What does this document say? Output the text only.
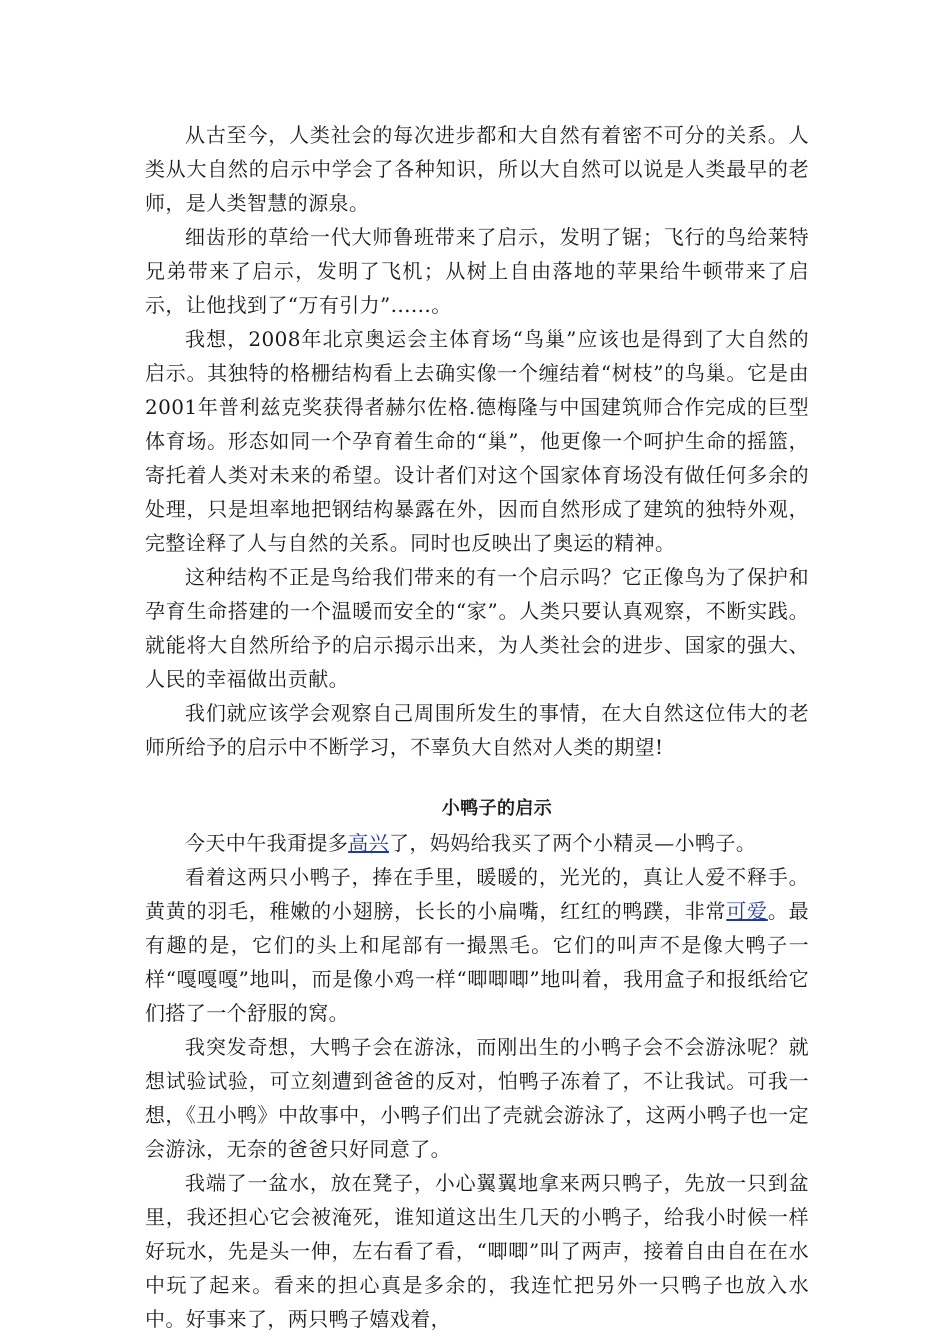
从古至今，人类社会的每次进步都和大自然有着密不可分的关系。人类从大自然的启示中学会了各种知识，所以大自然可以说是人类最早的老师，是人类智慧的源泉。

细齿形的草给一代大师鲁班带来了启示，发明了锯；飞行的鸟给莱特兄弟带来了启示，发明了飞机；从树上自由落地的苹果给牛顿带来了启示，让他找到了“万有引力”......。

我想，2008年北京奥运会主体育场“鸟巢”应该也是得到了大自然的启示。其独特的格栅结构看上去确实像一个缠结着“树枝”的鸟巢。它是由2001年普利兹克奖获得者赫尔佐格.德梅隆与中国建筑师合作完成的巨型体育场。形态如同一个孕育着生命的“巢”，他更像一个呵护生命的摇篮，寄托着人类对未来的希望。设计者们对这个国家体育场没有做任何多余的处理，只是坦率地把钢结构暴露在外，因而自然形成了建筑的独特外观，完整诠释了人与自然的关系。同时也反映出了奥运的精神。

这种结构不正是鸟给我们带来的有一个启示吗？它正像鸟为了保护和孕育生命搭建的一个温暖而安全的“家”。人类只要认真观察，不断实践。就能将大自然所给予的启示揭示出来，为人类社会的进步、国家的强大、人民的幸福做出贡献。

我们就应该学会观察自己周围所发生的事情，在大自然这位伟大的老师所给予的启示中不断学习，不辜负大自然对人类的期望!

小鸭子的启示

今天中午我甭提多高兴了，妈妈给我买了两个小精灵—小鸭子。

看着这两只小鸭子，捧在手里，暖暖的，光光的，真让人爱不释手。黄黄的羽毛，稚嫩的小翅膀，长长的小扁嘴，红红的鸭蹼，非常可爱。最有趣的是，它们的头上和尾部有一撮黑毛。它们的叫声不是像大鸭子一样“嘎嘎嘎”地叫，而是像小鸡一样“唧唧唧”地叫着，我用盒子和报纸给它们搭了一个舒服的窝。

我突发奇想，大鸭子会在游泳，而刚出生的小鸭子会不会游泳呢？就想试验试验，可立刻遭到爸爸的反对，怕鸭子冻着了，不让我试。可我一想，《丑小鸭》中故事中，小鸭子们出了壳就会游泳了，这两小鸭子也一定会游泳，无奈的爸爸只好同意了。

我端了一盆水，放在凳子，小心翼翼地拿来两只鸭子，先放一只到盆里，我还担心它会被淹死，谁知道这出生几天的小鸭子，给我小时候一样好玩水，先是头一伸，左右看了看，“唧唧”叫了两声，接着自由自在在水中玩了起来。看来的担心真是多余的，我连忙把另外一只鸭子也放入水中。好事来了，两只鸭子嬉戏着，
